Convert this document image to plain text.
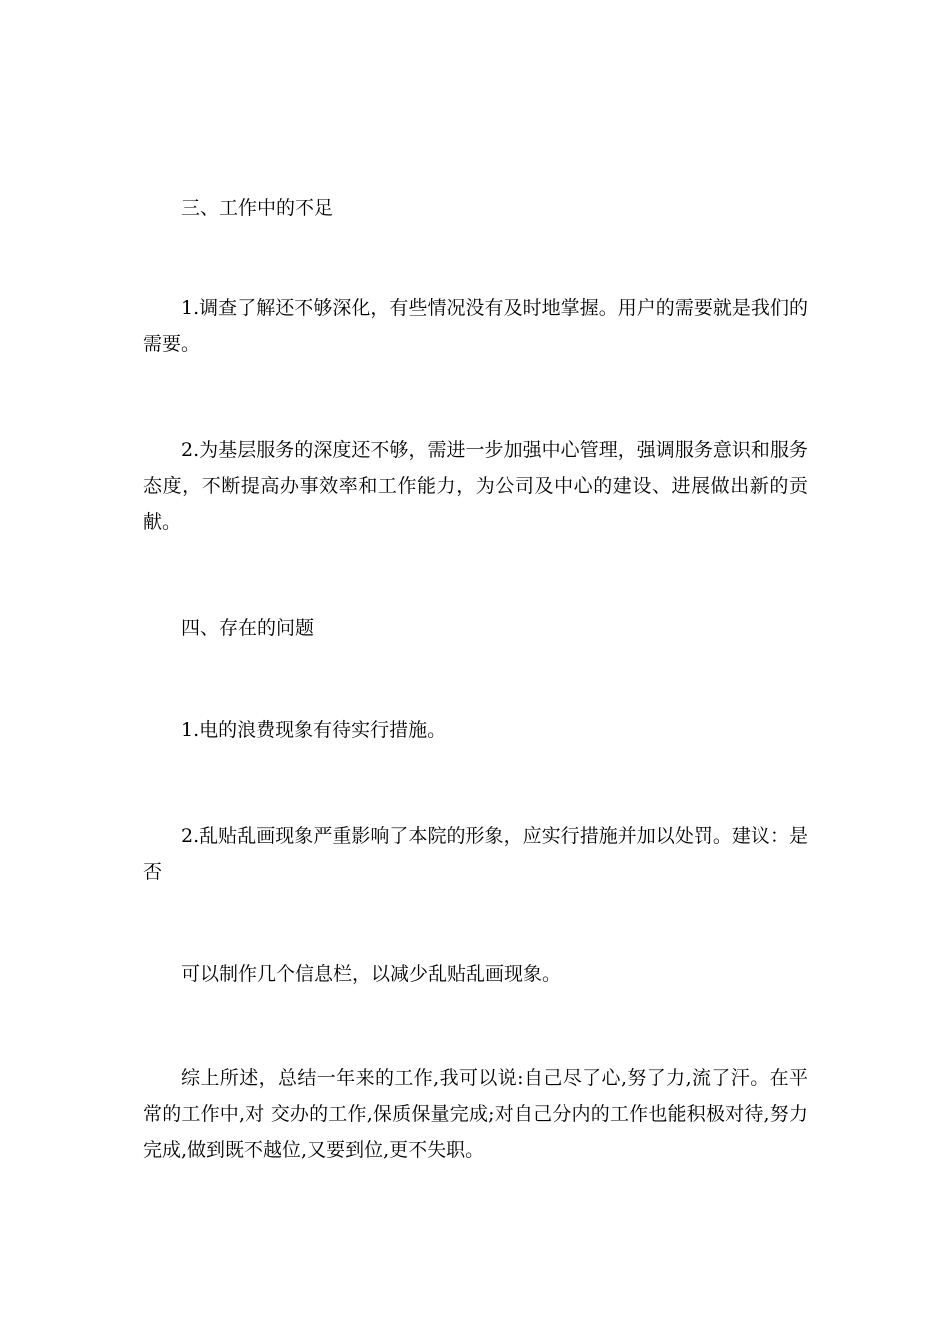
三、工作中的不足

1.调查了解还不够深化，有些情况没有及时地掌握。用户的需要就是我们的需要。

2.为基层服务的深度还不够，需进一步加强中心管理，强调服务意识和服务态度，不断提高办事效率和工作能力，为公司及中心的建设、进展做出新的贡献。

四、存在的问题

1.电的浪费现象有待实行措施。

2.乱贴乱画现象严重影响了本院的形象，应实行措施并加以处罚。建议：是否

可以制作几个信息栏，以减少乱贴乱画现象。

综上所述，总结一年来的工作,我可以说:自己尽了心,努了力,流了汗。在平常的工作中,对 交办的工作,保质保量完成;对自己分内的工作也能积极对待,努力完成,做到既不越位,又要到位,更不失职。
